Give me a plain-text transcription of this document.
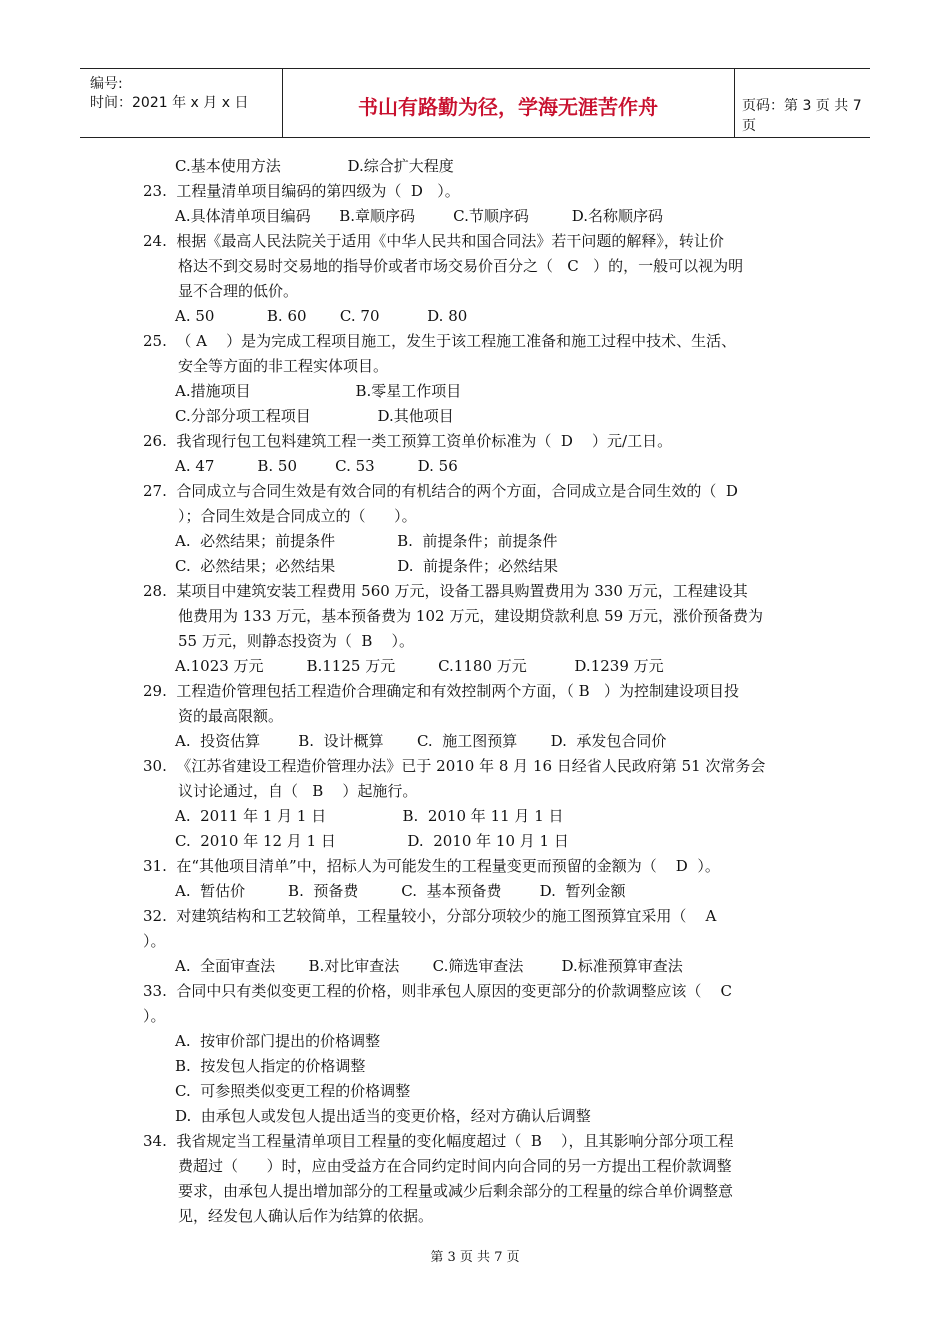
编号:
时间：2021 年 x 月 x 日	书山有路勤为径，学海无涯苦作舟	页码：第 3 页 共 7 页
C.基本使用方法              D.综合扩大程度
23.  工程量清单项目编码的第四级为（  D   ）。
A.具体清单项目编码      B.章顺序码        C.节顺序码         D.名称顺序码
24.  根据《最高人民法院关于适用《中华人民共和国合同法》若干问题的解释》，转让价
格达不到交易时交易地的指导价或者市场交易价百分之（   C   ）的，一般可以视为明
显不合理的低价。
A. 50           B. 60       C. 70          D. 80
25.  （ A    ）是为完成工程项目施工，发生于该工程施工准备和施工过程中技术、生活、
安全等方面的非工程实体项目。
A.措施项目                      B.零星工作项目
C.分部分项工程项目              D.其他项目
26.  我省现行包工包料建筑工程一类工预算工资单价标准为（  D    ）元/工日。
A. 47         B. 50        C. 53         D. 56
27.  合同成立与合同生效是有效合同的有机结合的两个方面，合同成立是合同生效的（  D
）；合同生效是合同成立的（      ）。
A.  必然结果；前提条件             B.  前提条件；前提条件
C.  必然结果；必然结果             D.  前提条件；必然结果
28.  某项目中建筑安装工程费用 560 万元，设备工器具购置费用为 330 万元，工程建设其
他费用为 133 万元，基本预备费为 102 万元，建设期贷款利息 59 万元，涨价预备费为
55 万元，则静态投资为（  B    ）。
A.1023 万元         B.1125 万元         C.1180 万元          D.1239 万元
29.  工程造价管理包括工程造价合理确定和有效控制两个方面，（ B   ）为控制建设项目投
资的最高限额。
A.  投资估算        B.  设计概算       C.  施工图预算       D.  承发包合同价
30.  《江苏省建设工程造价管理办法》已于 2010 年 8 月 16 日经省人民政府第 51 次常务会
议讨论通过，自（   B    ）起施行。
A.  2011 年 1 月 1 日                B.  2010 年 11 月 1 日
C.  2010 年 12 月 1 日               D.  2010 年 10 月 1 日
31.  在“其他项目清单”中，招标人为可能发生的工程量变更而预留的金额为（    D  ）。
A.  暂估价         B.  预备费         C.  基本预备费        D.  暂列金额
32.  对建筑结构和工艺较简单，工程量较小，分部分项较少的施工图预算宜采用（    A
）。
A.  全面审查法       B.对比审查法       C.筛选审查法        D.标准预算审查法
33.  合同中只有类似变更工程的价格，则非承包人原因的变更部分的价款调整应该（    C
）。
A.  按审价部门提出的价格调整
B.  按发包人指定的价格调整
C.  可参照类似变更工程的价格调整
D.  由承包人或发包人提出适当的变更价格，经对方确认后调整
34.  我省规定当工程量清单项目工程量的变化幅度超过（  B    ），且其影响分部分项工程
费超过（      ）时，应由受益方在合同约定时间内向合同的另一方提出工程价款调整
要求，由承包人提出增加部分的工程量或减少后剩余部分的工程量的综合单价调整意
见，经发包人确认后作为结算的依据。
第 3 页 共 7 页
